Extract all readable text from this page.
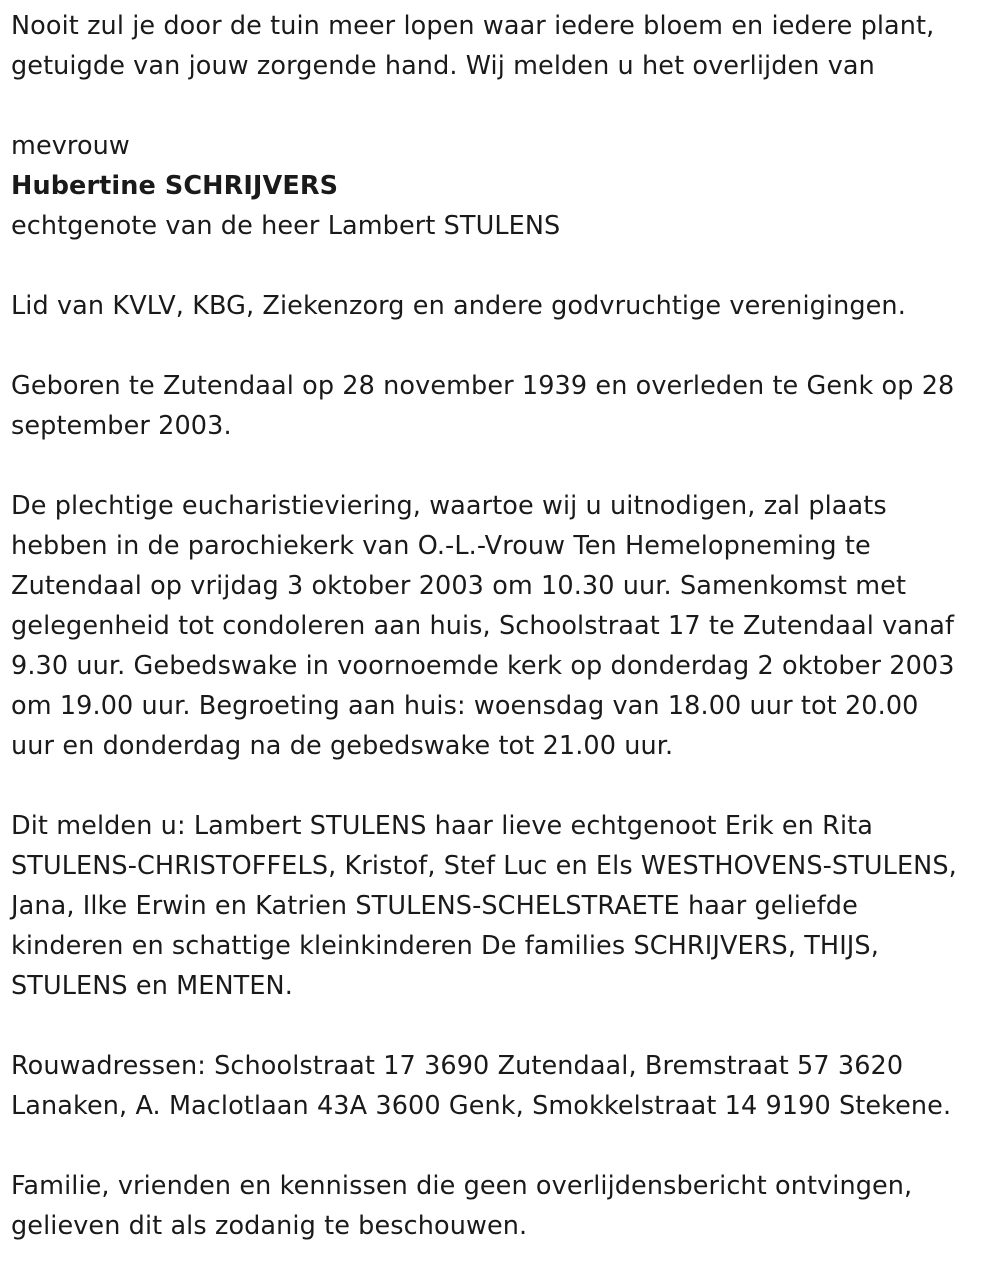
Nooit zul je door de tuin meer lopen waar iedere bloem en iedere plant,

getuigde van jouw zorgende hand. Wij melden u het overlijden van

mevrouw

Hubertine SCHRIJVERS

echtgenote van de heer Lambert STULENS

Lid van KVLV, KBG, Ziekenzorg en andere godvruchtige verenigingen.

Geboren te Zutendaal op 28 november 1939 en overleden te Genk op 28

september 2003.

De plechtige eucharistieviering, waartoe wij u uitnodigen, zal plaats

hebben in de parochiekerk van O.-L.-Vrouw Ten Hemelopneming te

Zutendaal op vrijdag 3 oktober 2003 om 10.30 uur. Samenkomst met

gelegenheid tot condoleren aan huis, Schoolstraat 17 te Zutendaal vanaf

9.30 uur. Gebedswake in voornoemde kerk op donderdag 2 oktober 2003

om 19.00 uur. Begroeting aan huis: woensdag van 18.00 uur tot 20.00

uur en donderdag na de gebedswake tot 21.00 uur.

Dit melden u: Lambert STULENS haar lieve echtgenoot Erik en Rita

STULENS-CHRISTOFFELS, Kristof, Stef Luc en Els WESTHOVENS-STULENS,

Jana, Ilke Erwin en Katrien STULENS-SCHELSTRAETE haar geliefde

kinderen en schattige kleinkinderen De families SCHRIJVERS, THIJS,

STULENS en MENTEN.

Rouwadressen: Schoolstraat 17 3690 Zutendaal, Bremstraat 57 3620

Lanaken, A. Maclotlaan 43A 3600 Genk, Smokkelstraat 14 9190 Stekene.

Familie, vrienden en kennissen die geen overlijdensbericht ontvingen,

gelieven dit als zodanig te beschouwen.
